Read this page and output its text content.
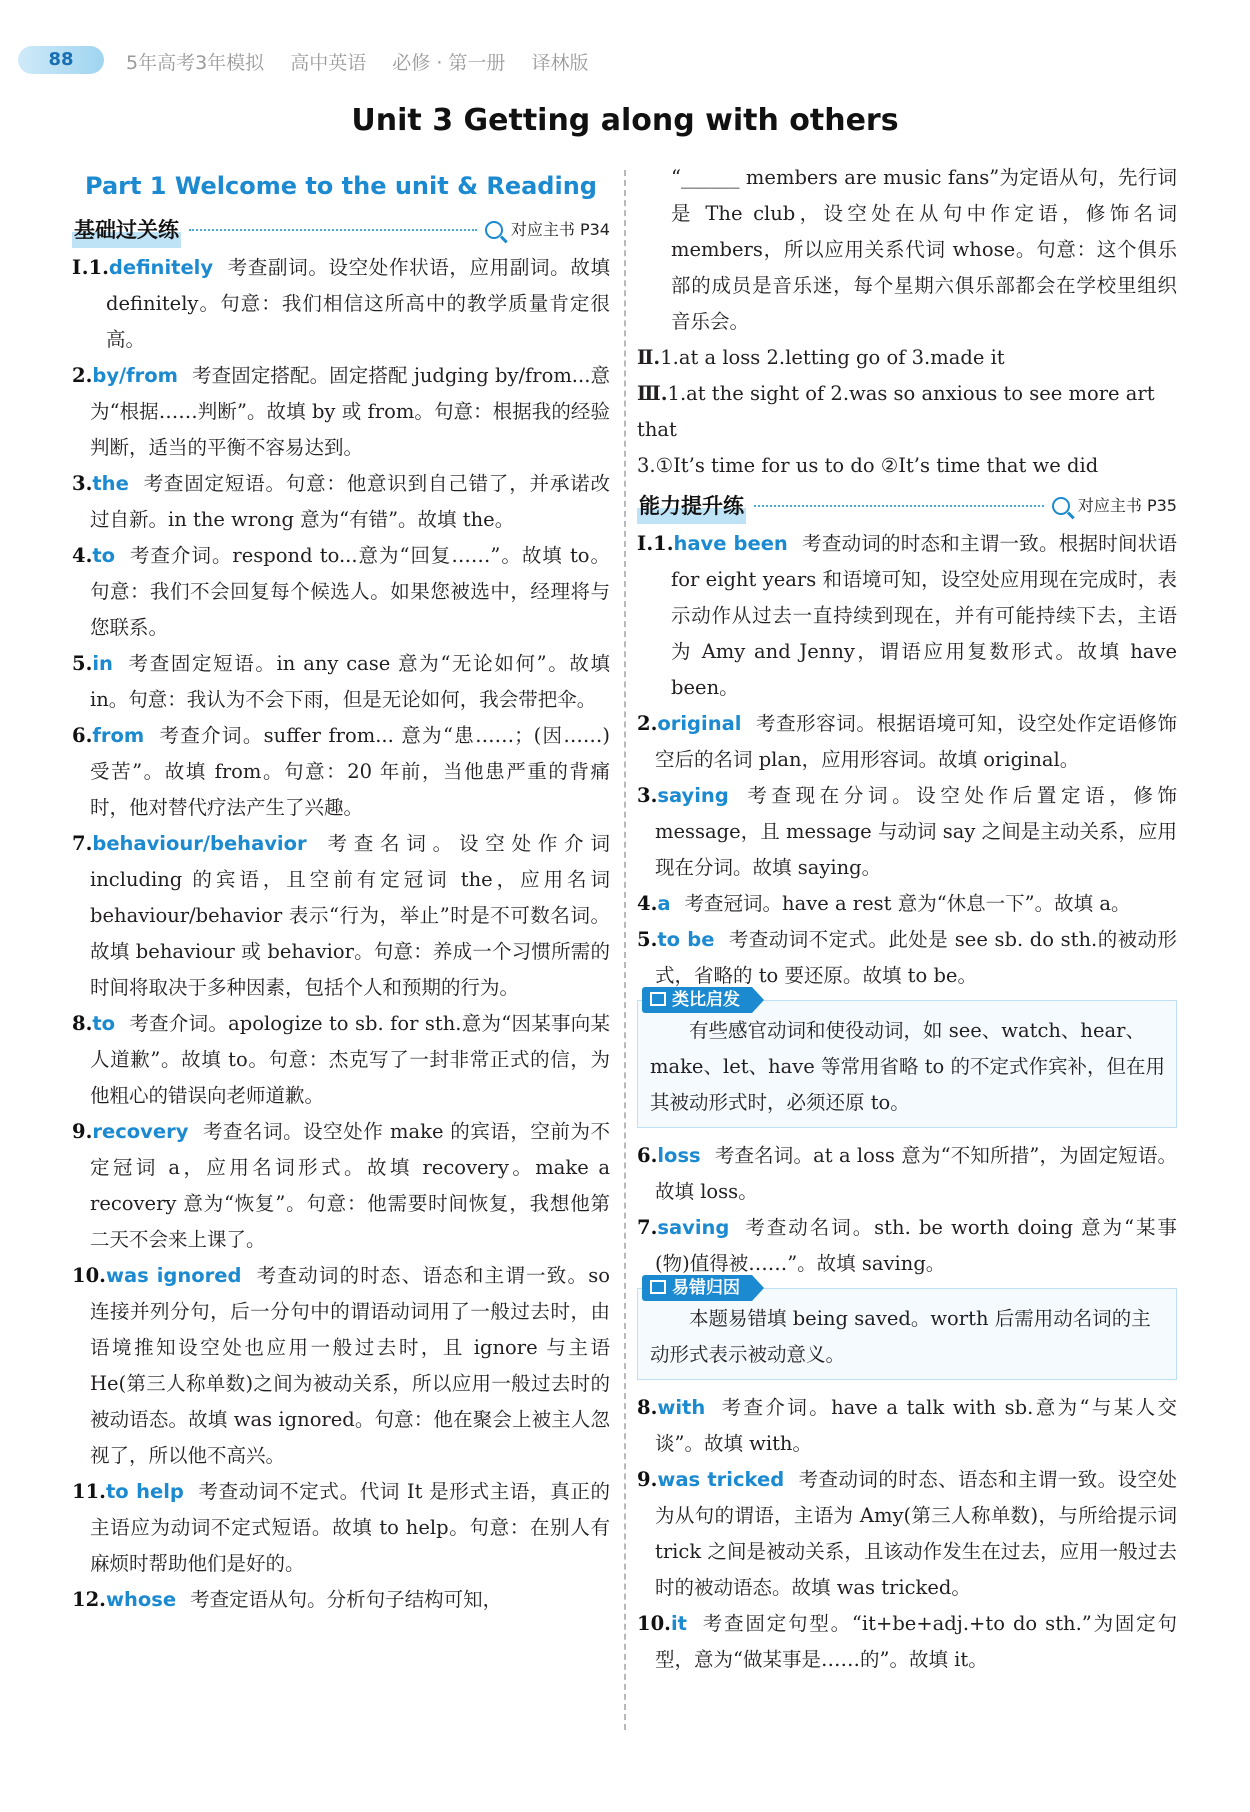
88	5年高考3年模拟 高中英语 必修 · 第一册 译林版
Unit 3 Getting along with others
Part 1 Welcome to the unit & Reading
基础过关练	对应主书 P34

Ⅰ.1.definitely 考查副词。设空处作状语，应用副词。故填 definitely。句意：我们相信这所高中的教学质量肯定很高。

2.by/from 考查固定搭配。固定搭配 judging by/from...意为“根据……判断”。故填 by 或 from。句意：根据我的经验判断，适当的平衡不容易达到。

3.the 考查固定短语。句意：他意识到自己错了，并承诺改过自新。in the wrong 意为“有错”。故填 the。

4.to 考查介词。respond to...意为“回复……”。故填 to。句意：我们不会回复每个候选人。如果您被选中，经理将与您联系。

5.in 考查固定短语。in any case 意为“无论如何”。故填 in。句意：我认为不会下雨，但是无论如何，我会带把伞。

6.from 考查介词。suffer from... 意为“患……；(因……)受苦”。故填 from。句意：20 年前，当他患严重的背痛时，他对替代疗法产生了兴趣。

7.behaviour/behavior 考查名词。设空处作介词 including 的宾语，且空前有定冠词 the，应用名词 behaviour/behavior 表示“行为，举止”时是不可数名词。故填 behaviour 或 behavior。句意：养成一个习惯所需的时间将取决于多种因素，包括个人和预期的行为。

8.to 考查介词。apologize to sb. for sth.意为“因某事向某人道歉”。故填 to。句意：杰克写了一封非常正式的信，为他粗心的错误向老师道歉。

9.recovery 考查名词。设空处作 make 的宾语，空前为不定冠词 a，应用名词形式。故填 recovery。make a recovery 意为“恢复”。句意：他需要时间恢复，我想他第二天不会来上课了。

10.was ignored 考查动词的时态、语态和主谓一致。so 连接并列分句，后一分句中的谓语动词用了一般过去时，由语境推知设空处也应用一般过去时，且 ignore 与主语 He(第三人称单数)之间为被动关系，所以应用一般过去时的被动语态。故填 was ignored。句意：他在聚会上被主人忽视了，所以他不高兴。

11.to help 考查动词不定式。代词 It 是形式主语，真正的主语应为动词不定式短语。故填 to help。句意：在别人有麻烦时帮助他们是好的。

12.whose 考查定语从句。分析句子结构可知，

“______ members are music fans”为定语从句，先行词是 The club，设空处在从句中作定语，修饰名词 members，所以应用关系代词 whose。句意：这个俱乐部的成员是音乐迷，每个星期六俱乐部都会在学校里组织音乐会。

Ⅱ.1.at a loss 2.letting go of 3.made it

Ⅲ.1.at the sight of 2.was so anxious to see more art that

3.①It’s time for us to do ②It’s time that we did

能力提升练	对应主书 P35

Ⅰ.1.have been 考查动词的时态和主谓一致。根据时间状语 for eight years 和语境可知，设空处应用现在完成时，表示动作从过去一直持续到现在，并有可能持续下去，主语为 Amy and Jenny，谓语应用复数形式。故填 have been。

2.original 考查形容词。根据语境可知，设空处作定语修饰空后的名词 plan，应用形容词。故填 original。

3.saying 考查现在分词。设空处作后置定语，修饰 message，且 message 与动词 say 之间是主动关系，应用现在分词。故填 saying。

4.a 考查冠词。have a rest 意为“休息一下”。故填 a。

5.to be 考查动词不定式。此处是 see sb. do sth.的被动形式，省略的 to 要还原。故填 to be。

类比启发

有些感官动词和使役动词，如 see、watch、hear、make、let、have 等常用省略 to 的不定式作宾补，但在用其被动形式时，必须还原 to。

6.loss 考查名词。at a loss 意为“不知所措”，为固定短语。故填 loss。

7.saving 考查动名词。sth. be worth doing 意为“某事(物)值得被……”。故填 saving。

易错归因

本题易错填 being saved。worth 后需用动名词的主动形式表示被动意义。

8.with 考查介词。have a talk with sb.意为“与某人交谈”。故填 with。

9.was tricked 考查动词的时态、语态和主谓一致。设空处为从句的谓语，主语为 Amy(第三人称单数)，与所给提示词 trick 之间是被动关系，且该动作发生在过去，应用一般过去时的被动语态。故填 was tricked。

10.it 考查固定句型。“it+be+adj.+to do sth.”为固定句型，意为“做某事是……的”。故填 it。
